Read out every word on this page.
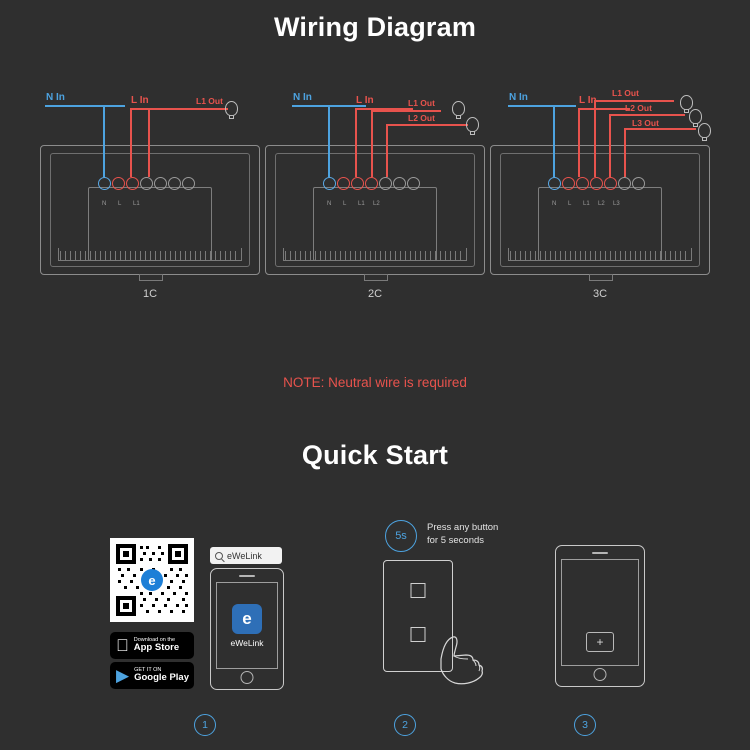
Wiring Diagram
N L L1
N In	L In	L1 Out
1C
N L L1 L2
N In	L In	L1 Out
L2 Out
2C
N L L1 L2 L3
N In	L In
L1 Out
L2 Out
L3 Out
3C
NOTE: Neutral wire is required
Quick Start
e
Download on the
App Store
▶ GET IT ON
Google Play
eWeLink
e
eWeLink
5s
Press any button
for 5 seconds
+
1	2	3
